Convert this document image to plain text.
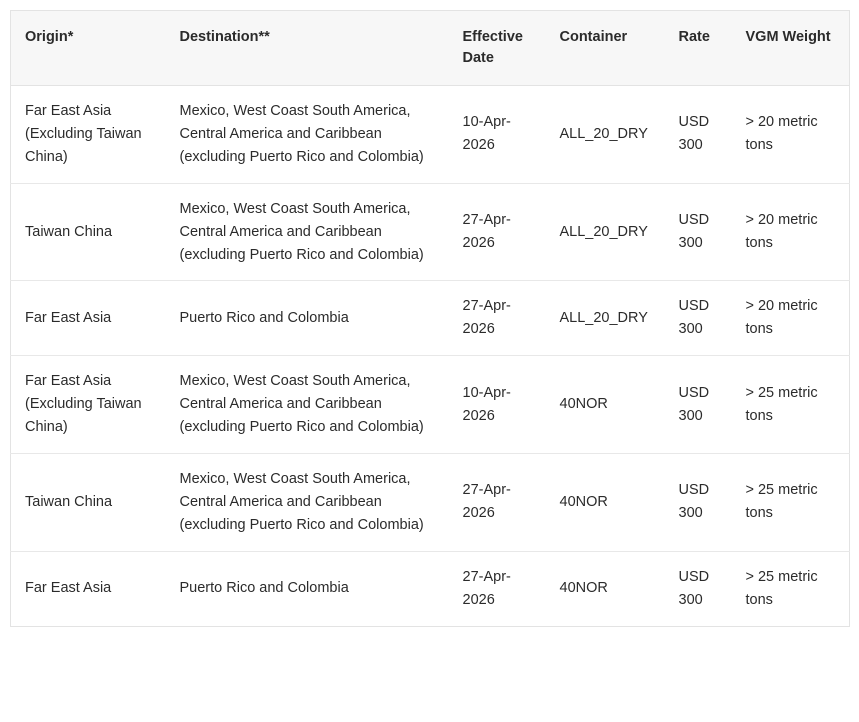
Origin*	Destination**	Effective Date	Container	Rate	VGM Weight
Far East Asia (Excluding Taiwan China)	Mexico, West Coast South America, Central America and Caribbean (excluding Puerto Rico and Colombia)	10-Apr-2026	ALL_20_DRY	USD 300	> 20 metric tons
Taiwan China	Mexico, West Coast South America, Central America and Caribbean (excluding Puerto Rico and Colombia)	27-Apr-2026	ALL_20_DRY	USD 300	> 20 metric tons
Far East Asia	Puerto Rico and Colombia	27-Apr-2026	ALL_20_DRY	USD 300	> 20 metric tons
Far East Asia (Excluding Taiwan China)	Mexico, West Coast South America, Central America and Caribbean (excluding Puerto Rico and Colombia)	10-Apr-2026	40NOR	USD 300	> 25 metric tons
Taiwan China	Mexico, West Coast South America, Central America and Caribbean (excluding Puerto Rico and Colombia)	27-Apr-2026	40NOR	USD 300	> 25 metric tons
Far East Asia	Puerto Rico and Colombia	27-Apr-2026	40NOR	USD 300	> 25 metric tons
